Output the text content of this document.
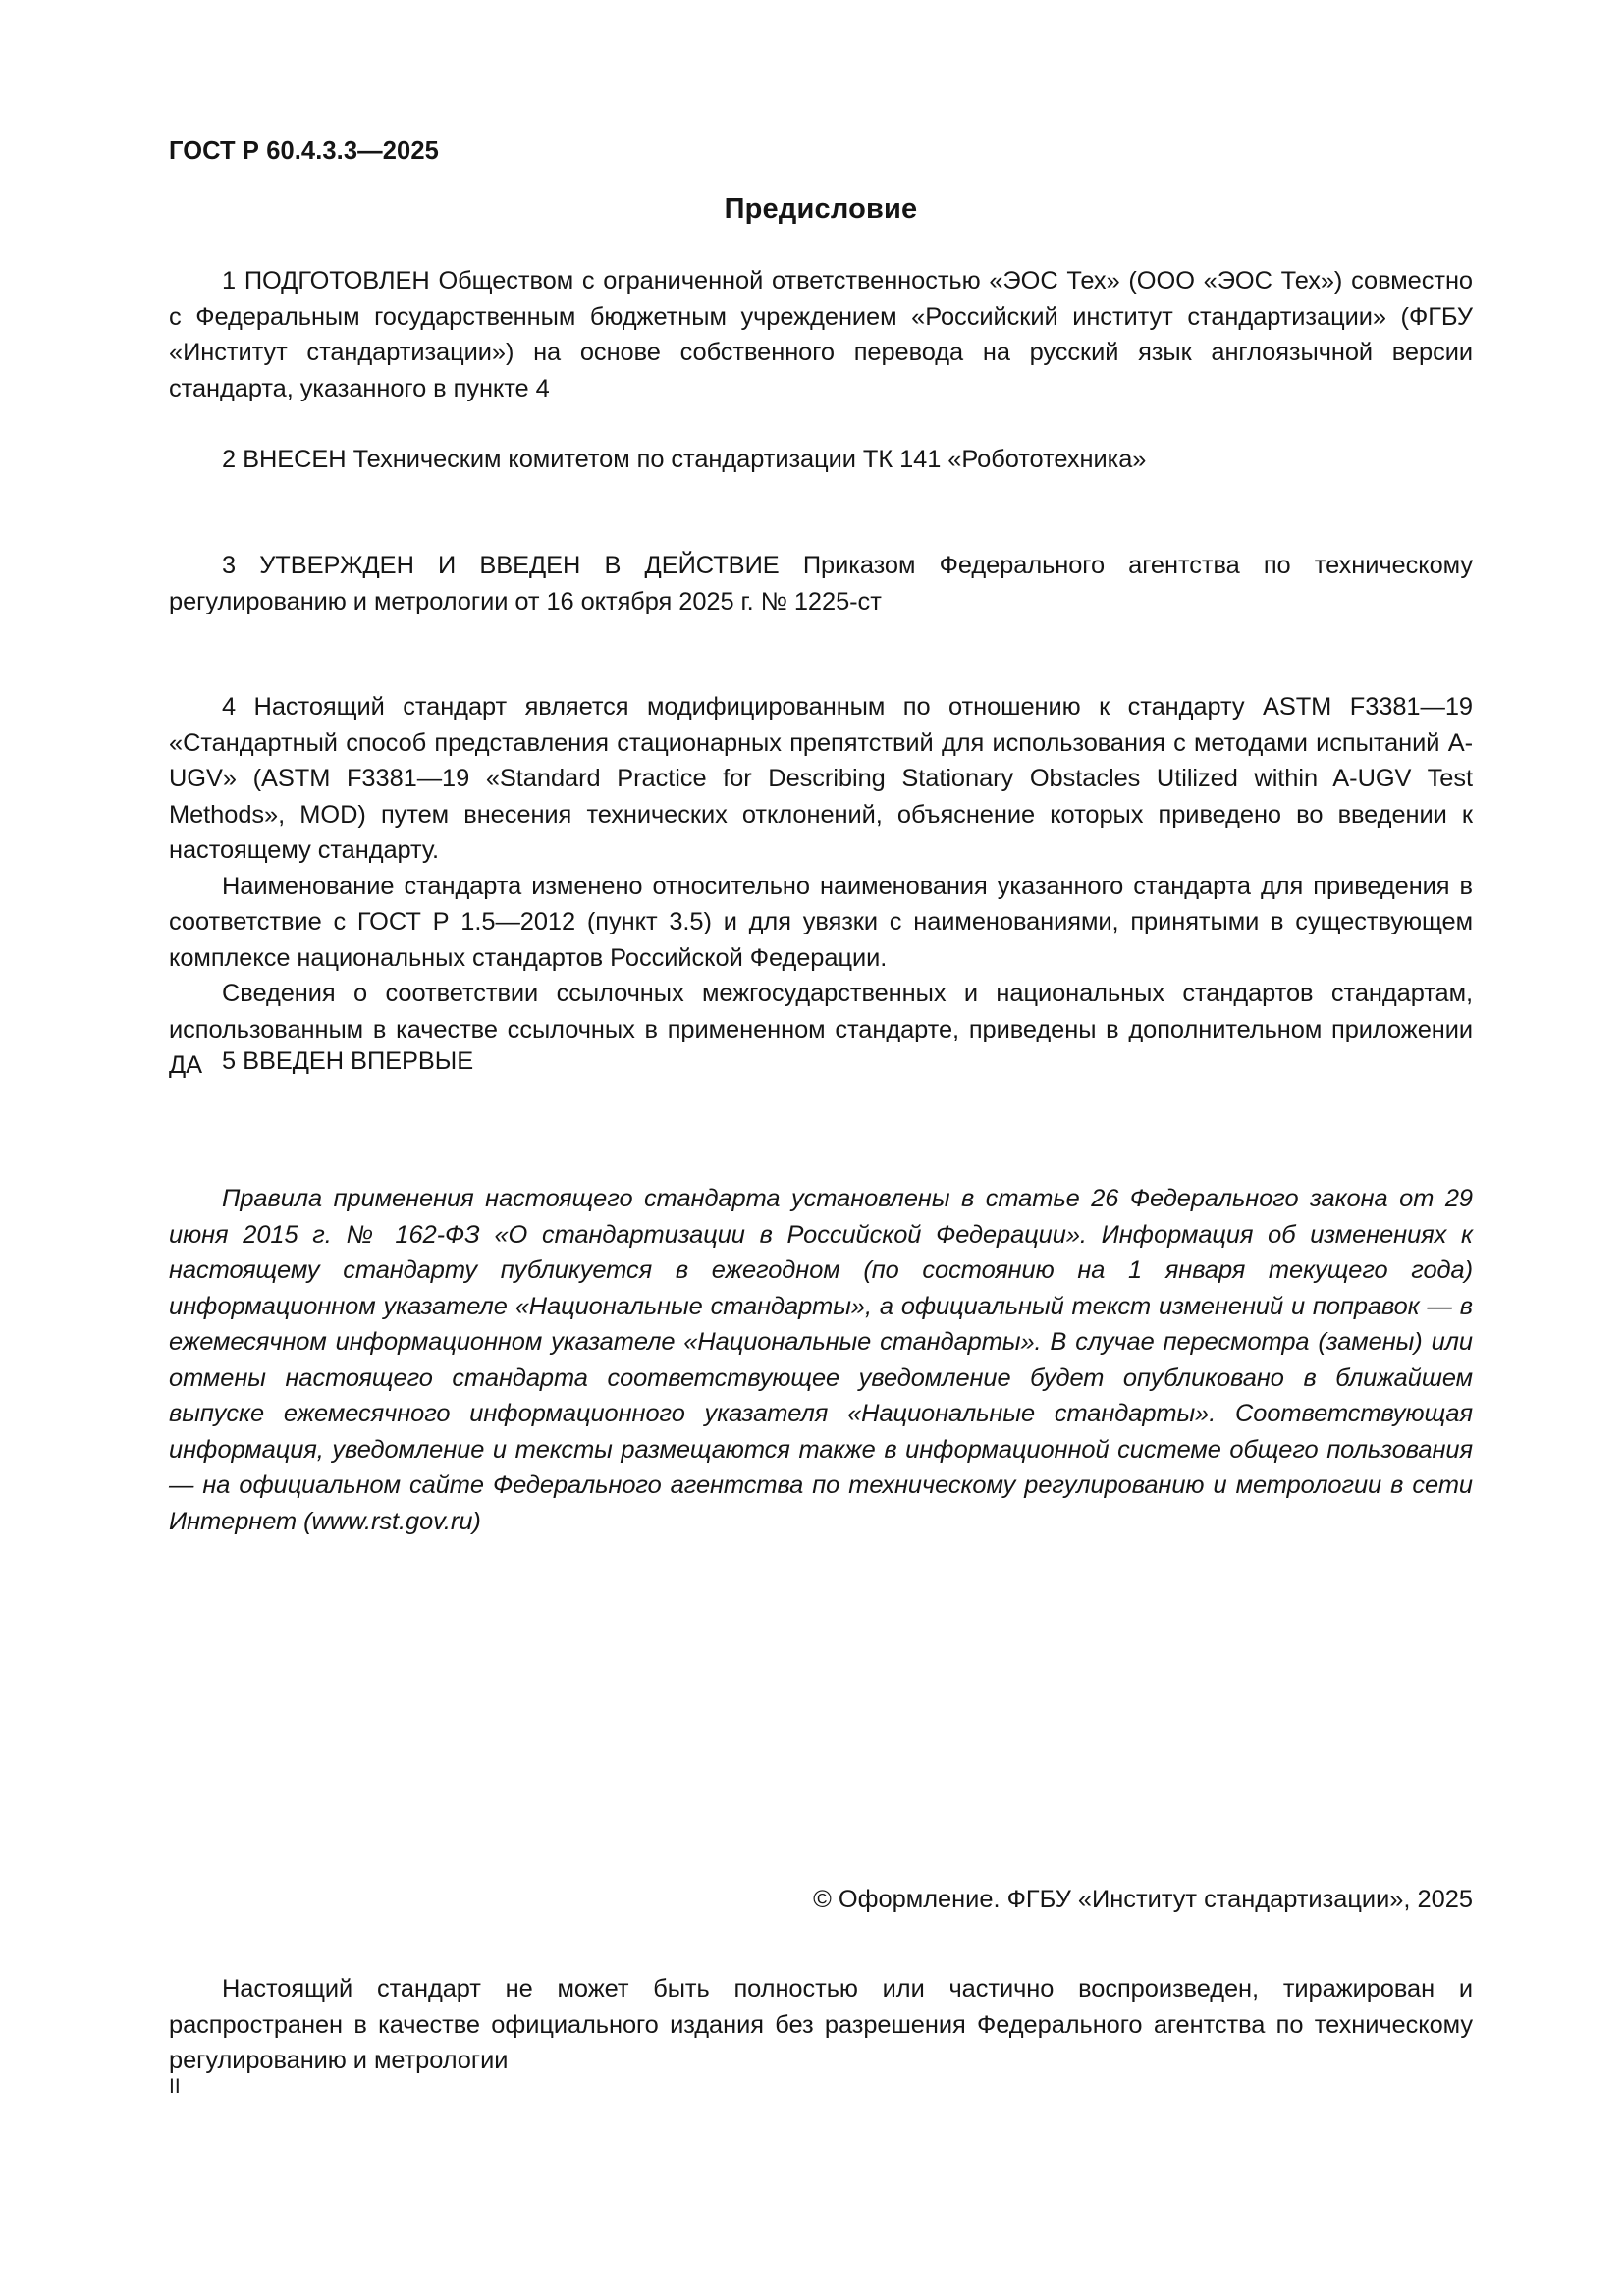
ГОСТ Р 60.4.3.3—2025
Предисловие

1 ПОДГОТОВЛЕН Обществом с ограниченной ответственностью «ЭОС Тех» (ООО «ЭОС Тех») совместно с Федеральным государственным бюджетным учреждением «Российский институт стандартизации» (ФГБУ «Институт стандартизации») на основе собственного перевода на русский язык англоязычной версии стандарта, указанного в пункте 4

2 ВНЕСЕН Техническим комитетом по стандартизации ТК 141 «Робототехника»

3 УТВЕРЖДЕН И ВВЕДЕН В ДЕЙСТВИЕ Приказом Федерального агентства по техническому регулированию и метрологии от 16 октября 2025 г. № 1225-ст

4 Настоящий стандарт является модифицированным по отношению к стандарту ASTM F3381—19 «Стандартный способ представления стационарных препятствий для использования с методами испытаний A-UGV» (ASTM F3381—19 «Standard Practice for Describing Stationary Obstacles Utilized within A-UGV Test Methods», MOD) путем внесения технических отклонений, объяснение которых приведено во введении к настоящему стандарту.

Наименование стандарта изменено относительно наименования указанного стандарта для приведения в соответствие с ГОСТ Р 1.5—2012 (пункт 3.5) и для увязки с наименованиями, принятыми в существующем комплексе национальных стандартов Российской Федерации.

Сведения о соответствии ссылочных межгосударственных и национальных стандартов стандартам, использованным в качестве ссылочных в примененном стандарте, приведены в дополнительном приложении ДА 5 ВВЕДЕН ВПЕРВЫЕ

Правила применения настоящего стандарта установлены в статье 26 Федерального закона от 29 июня 2015 г. № 162-ФЗ «О стандартизации в Российской Федерации». Информация об изменениях к настоящему стандарту публикуется в ежегодном (по состоянию на 1 января текущего года) информационном указателе «Национальные стандарты», а официальный текст изменений и поправок — в ежемесячном информационном указателе «Национальные стандарты». В случае пересмотра (замены) или отмены настоящего стандарта соответствующее уведомление будет опубликовано в ближайшем выпуске ежемесячного информационного указателя «Национальные стандарты». Соответствующая информация, уведомление и тексты размещаются также в информационной системе общего пользования — на официальном сайте Федерального агентства по техническому регулированию и метрологии в сети Интернет (www.rst.gov.ru)

© Оформление. ФГБУ «Институт стандартизации», 2025

Настоящий стандарт не может быть полностью или частично воспроизведен, тиражирован и распространен в качестве официального издания без разрешения Федерального агентства по техническому регулированию и метрологии

II
